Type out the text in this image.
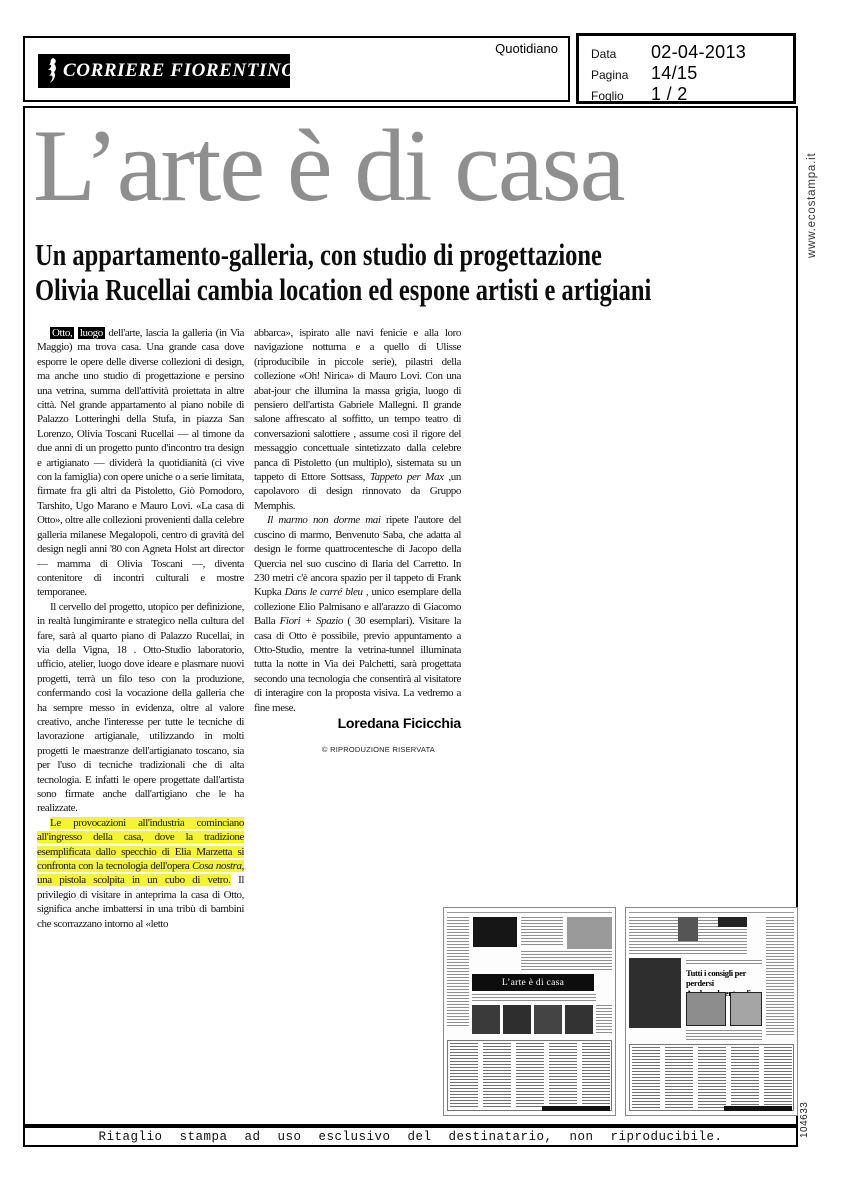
CORRIERE FIORENTINO
Quotidiano	Data	02-04-2013
Pagina	14/15
Foglio	1 / 2
L’arte è di casa
Un appartamento-galleria, con studio di progettazione
Olivia Rucellai cambia location ed espone artisti e artigiani

Otto, luogo dell'arte, lascia la galleria (in Via Maggio) ma trova casa. Una grande casa dove esporre le opere delle diverse collezioni di design, ma anche uno studio di progettazione e persino una vetrina, summa dell'attività proiettata in altre città. Nel grande appartamento al piano nobile di Palazzo Lotteringhi della Stufa, in piazza San Lorenzo, Olivia Toscani Rucellai — al timone da due anni di un progetto punto d'incontro tra design e artigianato — dividerà la quotidianità (ci vive con la famiglia) con opere uniche o a serie limitata, firmate fra gli altri da Pistoletto, Giò Pomodoro, Tarshito, Ugo Marano e Mauro Lovi. «La casa di Otto», oltre alle collezioni provenienti dalla celebre galleria milanese Megalopoli, centro di gravità del design negli anni '80 con Agneta Holst art director — mamma di Olivia Toscani —, diventa contenitore di incontri culturali e mostre temporanee.

Il cervello del progetto, utopico per definizione, in realtà lungimirante e strategico nella cultura del fare, sarà al quarto piano di Palazzo Rucellai, in via della Vigna, 18 . Otto-Studio laboratorio, ufficio, atelier, luogo dove ideare e plasmare nuovi progetti, terrà un filo teso con la produzione, confermando così la vocazione della galleria che ha sempre messo in evidenza, oltre al valore creativo, anche l'interesse per tutte le tecniche di lavorazione artigianale, utilizzando in molti progetti le maestranze dell'artigianato toscano, sia per l'uso di tecniche tradizionali che di alta tecnologia. E infatti le opere progettate dall'artista sono firmate anche dall'artigiano che le ha realizzate.

Le provocazioni all'industria cominciano all'ingresso della casa, dove la tradizione esemplificata dallo specchio di Elia Marzetta si confronta con la tecnologia dell'opera Cosa nostra, una pistola scolpita in un cubo di vetro. Il privilegio di visitare in anteprima la casa di Otto, significa anche imbattersi in una tribù di bambini che scorrazzano intorno al «letto

abbarca», ispirato alle navi fenicie e alla loro navigazione notturna e a quello di Ulisse (riproducibile in piccole serie), pilastri della collezione «Oh! Nirica» di Mauro Lovi. Con una abat-jour che illumina la massa grigia, luogo di pensiero dell'artista Gabriele Mallegni. Il grande salone affrescato al soffitto, un tempo teatro di conversazioni salottiere , assume così il rigore del messaggio concettuale sintetizzato dalla celebre panca di Pistoletto (un multiplo), sistemata su un tappeto di Ettore Sottsass, Tappeto per Max ,un capolavoro di design rinnovato da Gruppo Memphis.

Il marmo non dorme mai ripete l'autore del cuscino di marmo, Benvenuto Saba, che adatta al design le forme quattrocentesche di Jacopo della Quercia nel suo cuscino di Ilaria del Carretto. In 230 metri c'è ancora spazio per il tappeto di Frank Kupka Dans le carré bleu , unico esemplare della collezione Elio Palmisano e all'arazzo di Giacomo Balla Fiori + Spazio ( 30 esemplari). Visitare la casa di Otto è possibile, previo appuntamento a Otto-Studio, mentre la vetrina-tunnel illuminata tutta la notte in Via dei Palchetti, sarà progettata secondo una tecnologia che consentirà al visitatore di interagire con la proposta visiva. La vedremo a fine mese.

Loredana Ficicchia

© RIPRODUZIONE RISERVATA

L’arte è di casa
Tutti i consigli per perdersi

Ritaglio stampa ad uso esclusivo del destinatario, non riproducibile.
www.ecostampa.it
104633
